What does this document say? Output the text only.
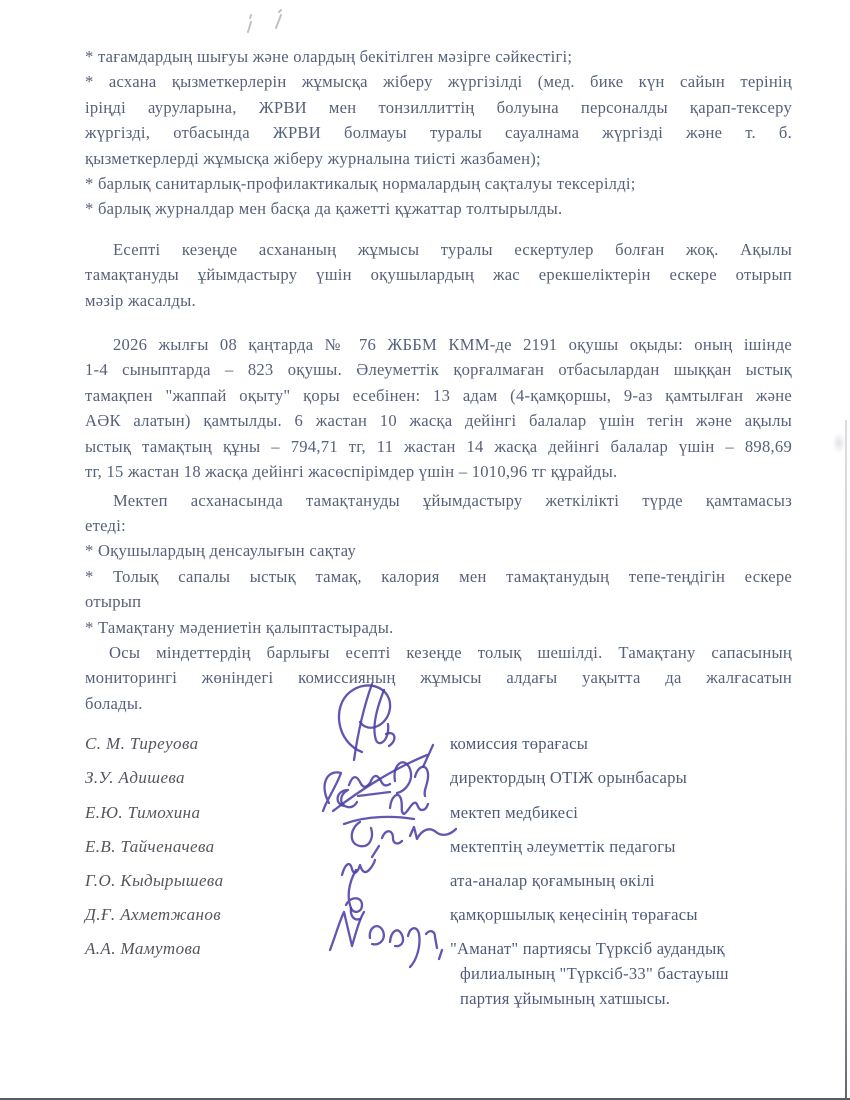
* тағамдардың шығуы және олардың бекітілген мәзірге сәйкестігі;
* асхана қызметкерлерін жұмысқа жіберу жүргізілді (мед. бике күн сайын терінің
іріңді ауруларына, ЖРВИ мен тонзиллиттің болуына персоналды қарап-тексеру
жүргізді, отбасында ЖРВИ болмауы туралы сауалнама жүргізді және т. б.
қызметкерлерді жұмысқа жіберу журналына тиісті жазбамен);
* барлық санитарлық-профилактикалық нормалардың сақталуы тексерілді;
* барлық журналдар мен басқа да қажетті құжаттар толтырылды.
Есепті кезеңде асхананың жұмысы туралы ескертулер болған жоқ. Ақылы
тамақтануды ұйымдастыру үшін оқушылардың жас ерекшеліктерін ескере отырып
мәзір жасалды.
2026 жылғы 08 қаңтарда № 76 ЖББМ КММ-де 2191 оқушы оқыды: оның ішінде
1-4 сыныптарда – 823 оқушы. Әлеуметтік қорғалмаған отбасылардан шыққан ыстық
тамақпен "жаппай оқыту" қоры есебінен: 13 адам (4-қамқоршы, 9-аз қамтылған және
АӘК алатын) қамтылды. 6 жастан 10 жасқа дейінгі балалар үшін тегін және ақылы
ыстық тамақтың құны – 794,71 тг, 11 жастан 14 жасқа дейінгі балалар үшін – 898,69
тг, 15 жастан 18 жасқа дейінгі жасөспірімдер үшін – 1010,96 тг құрайды.
Мектеп асханасында тамақтануды ұйымдастыру жеткілікті түрде қамтамасыз
етеді:
* Оқушылардың денсаулығын сақтау
* Толық сапалы ыстық тамақ, калория мен тамақтанудың тепе-теңдігін ескере
отырып
* Тамақтану мәдениетін қалыптастырады.
Осы міндеттердің барлығы есепті кезеңде толық шешілді. Тамақтану сапасының
мониторингі жөніндегі комиссияның жұмысы алдағы уақытта да жалғасатын
болады.
С. М. Тиреуова	комиссия төрағасы
З.У. Адишева	директордың ОТІЖ орынбасары
Е.Ю. Тимохина	мектеп медбикесі
Е.В. Тайченачева	мектептің әлеуметтік педагогы
Г.О. Кыдырышева	ата-аналар қоғамының өкілі
Д.Ғ. Ахметжанов	қамқоршылық кеңесінің төрағасы
А.А. Мамутова	"Аманат" партиясы Түрксіб аудандық
филиалының "Түрксіб-33" бастауыш
партия ұйымының хатшысы.
